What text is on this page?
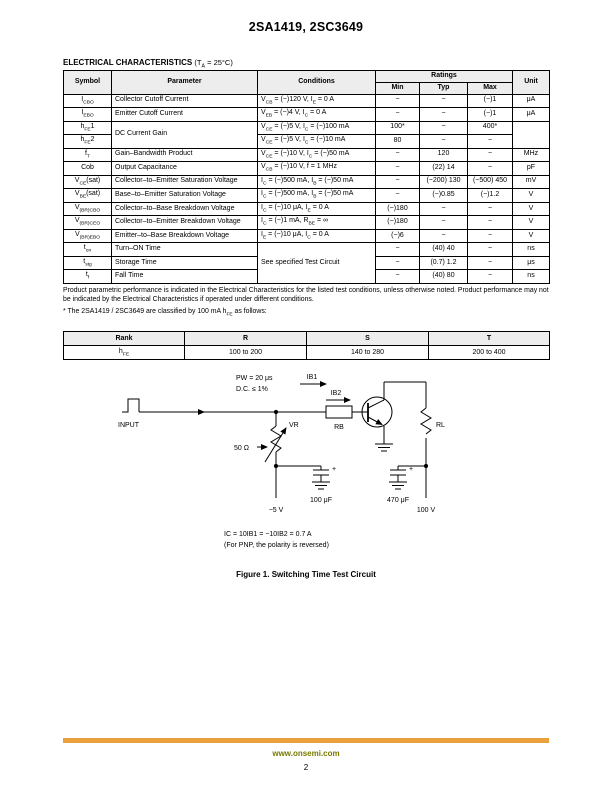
2SA1419, 2SC3649
ELECTRICAL CHARACTERISTICS $(T_A = 25^\circ C)$
Symbol	Parameter	Conditions	Ratings			Unit
			Min	Typ	Max	
$I_{CBO}$	Collector Cutoff Current	$V_{CB} = (-)120$ V, $I_E = 0$ A	−	−	(−)1	μA
$I_{EBO}$	Emitter Cutoff Current	$V_{EB} = (-)4$ V, $I_C = 0$ A	−	−	(−)1	μA
$h_{FE}1$	DC Current Gain	$V_{CE} = (-)5$ V, $I_C = (-)100$ mA	100*	−	400*	
$h_{FE}2$		$V_{CE} = (-)5$ V, $I_C = (-)10$ mA	80	−	−	
$f_T$	Gain–Bandwidth Product	$V_{CE} = (-)10$ V, $I_C = (-)50$ mA	−	120	−	MHz
Cob	Output Capacitance	$V_{CB} = (-)10$ V, f = 1 MHz	−	(22) 14	−	pF
$V_{CE}(sat)$	Collector–to–Emitter Saturation Voltage	$I_C = (-)500$ mA, $I_B = (-)50$ mA	−	(−200) 130	(−500) 450	mV
$V_{BE}(sat)$	Base–to–Emitter Saturation Voltage	$I_C = (-)500$ mA, $I_B = (-)50$ mA	−	(−)0.85	(−)1.2	V
$V_{(BR)CBO}$	Collector–to–Base Breakdown Voltage	$I_C = (-)10$ μA, $I_E = 0$ A	(−)180	−	−	V
$V_{(BR)CEO}$	Collector–to–Emitter Breakdown Voltage	$I_C = (-)1$ mA, $R_{BE}$ = ∞	(−)180	−	−	V
$V_{(BR)EBO}$	Emitter–to–Base Breakdown Voltage	$I_E = (-)10$ μA, $I_C = 0$ A	(−)6	−	−	V
$t_{on}$	Turn–ON Time	See specified Test Circuit	−	(40) 40	−	ns
$t_{stg}$	Storage Time		−	(0.7) 1.2	−	μs
$t_f$	Fall Time		−	(40) 80	−	ns
Product parametric performance is indicated in the Electrical Characteristics for the listed test conditions, unless otherwise noted. Product performance may not be indicated by the Electrical Characteristics if operated under different conditions.
* The 2SA1419 / 2SC3649 are classified by 100 mA $h_{FE}$ as follows:
Rank	R	S	T
$h_{FE}$	100 to 200	140 to 280	200 to 400
PW = 20 μs
D.C. ≤ 1%
INPUT
IB1
IB2
RB
VR
50 Ω
RL
+	+
100 μF	470 μF
−5 V	100 V
IC = 10IB1 = −10IB2 = 0.7 A
(For PNP, the polarity is reversed)
Figure 1. Switching Time Test Circuit
www.onsemi.com
2
